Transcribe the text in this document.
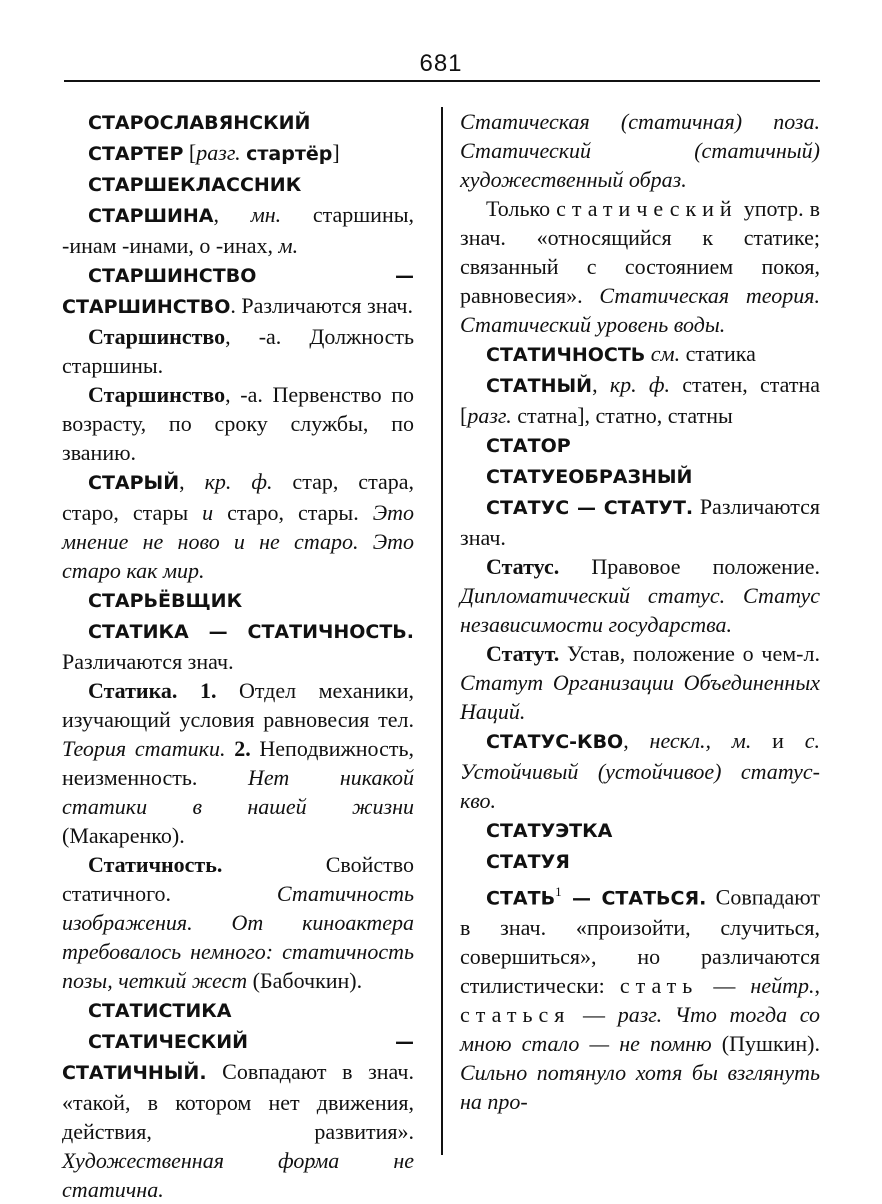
681

СТАРОСЛАВЯНСКИЙ

СТАРТЕР [разг. стартёр]

СТАРШЕКЛАССНИК

СТАРШИНА, мн. старшины, -инам -инами, о -инах, м.

СТАРШИНСТВО — СТАРШИНСТВО. Различаются знач.

Старшинство, -а. Должность старшины.

Старшинство, -а. Первенство по возрасту, по сроку службы, по званию.

СТАРЫЙ, кр. ф. стар, стара, старо, стары и старо, стары. Это мнение не ново и не старо. Это старо как мир.

СТАРЬЁВЩИК

СТАТИКА — СТАТИЧНОСТЬ. Различаются знач.

Статика. 1. Отдел механики, изучающий условия равновесия тел. Теория статики. 2. Неподвижность, неизменность. Нет никакой статики в нашей жизни (Макаренко).

Статичность. Свойство статичного. Статичность изображения. От киноактера требовалось немного: статичность позы, четкий жест (Бабочкин).

СТАТИСТИКА

СТАТИЧЕСКИЙ — СТАТИЧНЫЙ. Совпадают в знач. «такой, в котором нет движения, действия, развития». Художественная форма не статична.

Статическая (статичная) поза. Статический (статичный) художественный образ.

Только статический употр. в знач. «относящийся к статике; связанный с состоянием покоя, равновесия». Статическая теория. Статический уровень воды.

СТАТИЧНОСТЬ см. статика

СТАТНЫЙ, кр. ф. статен, статна [разг. статна], статно, статны

СТАТОР

СТАТУЕОБРАЗНЫЙ

СТАТУС — СТАТУТ. Различаются знач.

Статус. Правовое положение. Дипломатический статус. Статус независимости государства.

Статут. Устав, положение о чем-л. Статут Организации Объединенных Наций.

СТАТУС-КВО, нескл., м. и с. Устойчивый (устойчивое) статус-кво.

СТАТУЭТКА

СТАТУЯ

СТАТЬ$^1$ — СТАТЬСЯ. Совпадают в знач. «произойти, случиться, совершиться», но различаются стилистически: стать — нейтр., статься — разг. Что тогда со мною стало — не помню (Пушкин). Сильно потянуло хотя бы взглянуть на про-
